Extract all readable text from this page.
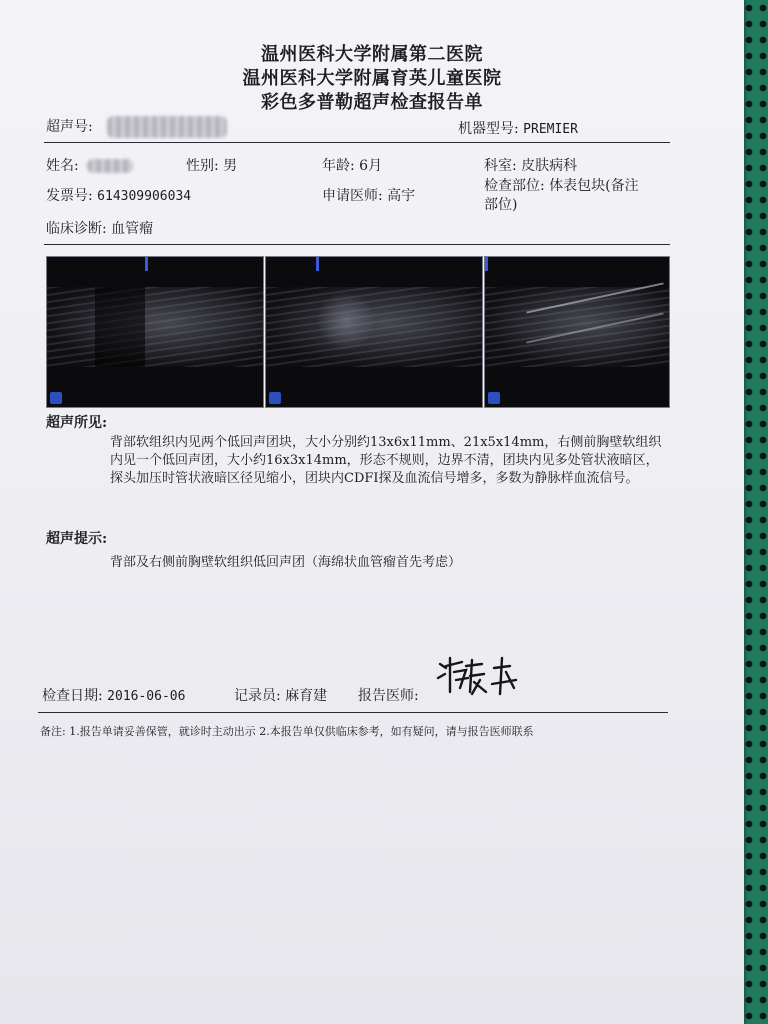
温州医科大学附属第二医院
温州医科大学附属育英儿童医院
彩色多普勒超声检查报告单
超声号:	机器型号: PREMIER
姓名:	性别: 男	年龄: 6月	科室: 皮肤病科
发票号: 614309906034	申请医师: 高宇
检查部位: 体表包块(备注
部位)
临床诊断: 血管瘤
超声所见:
背部软组织内见两个低回声团块，大小分别约13x6x11mm、21x5x14mm，右侧前胸壁软组织内见一个低回声团，大小约16x3x14mm，形态不规则，边界不清，团块内见多处管状液暗区，探头加压时管状液暗区径见缩小，团块内CDFI探及血流信号增多，多数为静脉样血流信号。
超声提示:
背部及右侧前胸壁软组织低回声团（海绵状血管瘤首先考虑）
检查日期: 2016-06-06	记录员: 麻育建 报告医师:
备注: 1.报告单请妥善保管，就诊时主动出示 2.本报告单仅供临床参考，如有疑问，请与报告医师联系
